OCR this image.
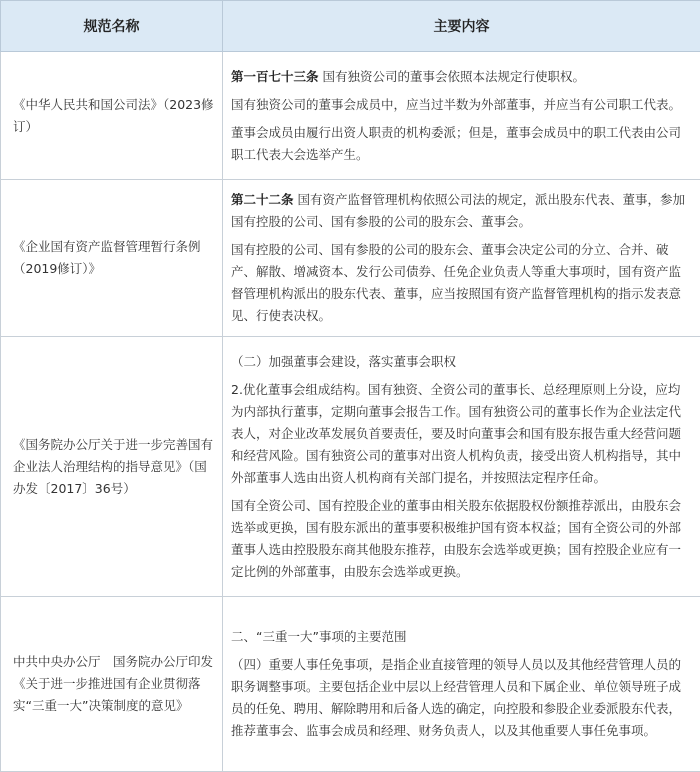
规范名称	主要内容
《中华人民共和国公司法》（2023修订）	第一百七十三条 国有独资公司的董事会依照本法规定行使职权。
国有独资公司的董事会成员中，应当过半数为外部董事，并应当有公司职工代表。
董事会成员由履行出资人职责的机构委派；但是，董事会成员中的职工代表由公司职工代表大会选举产生。

《企业国有资产监督管理暂行条例（2019修订）》	第二十二条 国有资产监督管理机构依照公司法的规定，派出股东代表、董事，参加国有控股的公司、国有参股的公司的股东会、董事会。
国有控股的公司、国有参股的公司的股东会、董事会决定公司的分立、合并、破产、解散、增减资本、发行公司债券、任免企业负责人等重大事项时，国有资产监督管理机构派出的股东代表、董事，应当按照国有资产监督管理机构的指示发表意见、行使表决权。

《国务院办公厅关于进一步完善国有企业法人治理结构的指导意见》（国办发〔2017〕36号）	（二）加强董事会建设，落实董事会职权
2.优化董事会组成结构。国有独资、全资公司的董事长、总经理原则上分设，应均为内部执行董事，定期向董事会报告工作。国有独资公司的董事长作为企业法定代表人，对企业改革发展负首要责任，要及时向董事会和国有股东报告重大经营问题和经营风险。国有独资公司的董事对出资人机构负责，接受出资人机构指导，其中外部董事人选由出资人机构商有关部门提名，并按照法定程序任命。
国有全资公司、国有控股企业的董事由相关股东依据股权份额推荐派出，由股东会选举或更换，国有股东派出的董事要积极维护国有资本权益；国有全资公司的外部董事人选由控股股东商其他股东推荐，由股东会选举或更换；国有控股企业应有一定比例的外部董事，由股东会选举或更换。

中共中央办公厅　国务院办公厅印发《关于进一步推进国有企业贯彻落实“三重一大”决策制度的意见》	二、“三重一大”事项的主要范围
（四）重要人事任免事项，是指企业直接管理的领导人员以及其他经营管理人员的职务调整事项。主要包括企业中层以上经营管理人员和下属企业、单位领导班子成员的任免、聘用、解除聘用和后备人选的确定，向控股和参股企业委派股东代表，推荐董事会、监事会成员和经理、财务负责人，以及其他重要人事任免事项。
